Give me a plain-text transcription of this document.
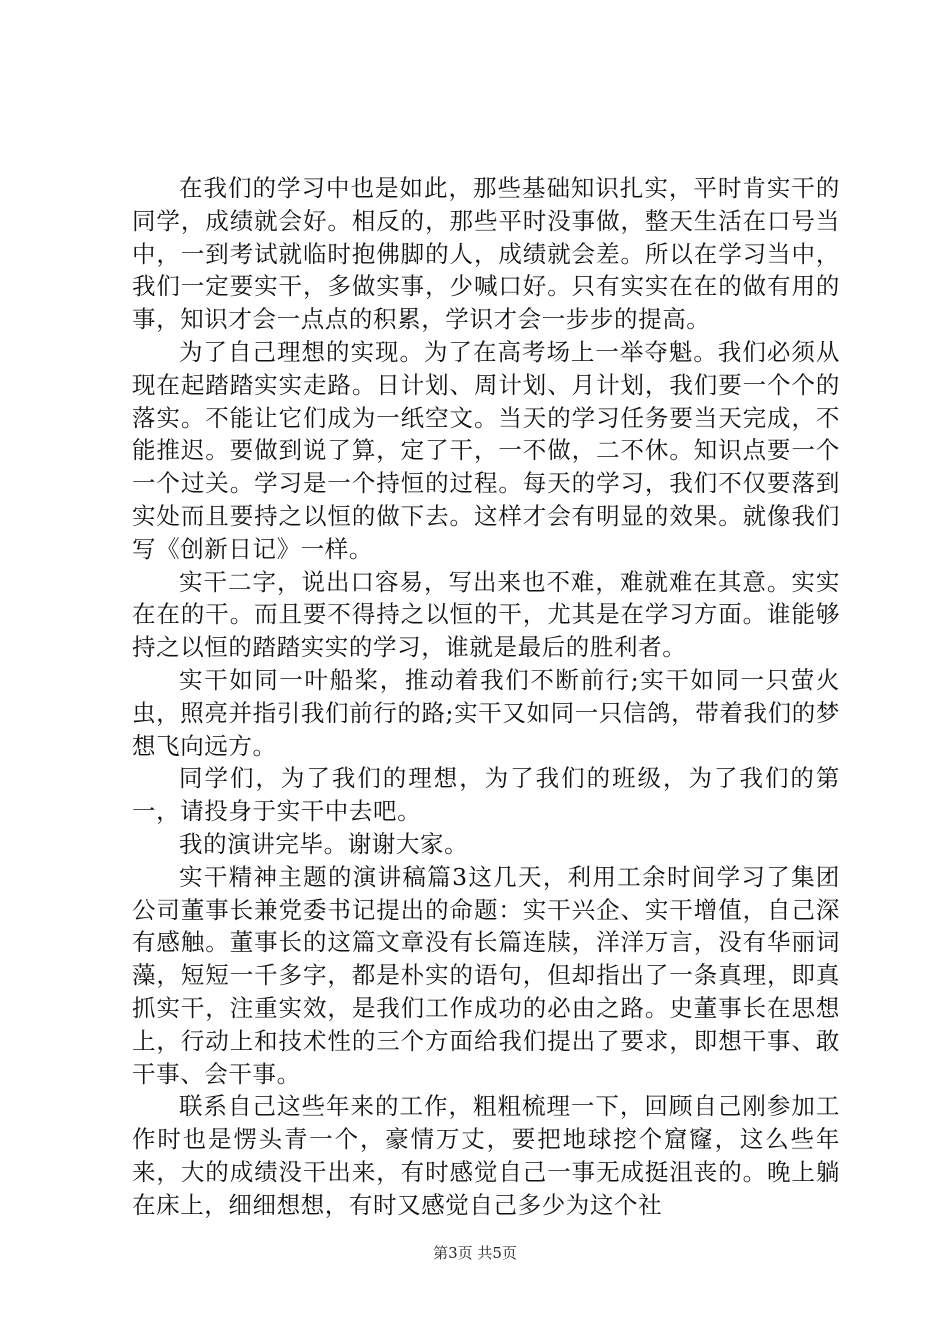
在我们的学习中也是如此，那些基础知识扎实，平时肯实干的同学，成绩就会好。相反的，那些平时没事做，整天生活在口号当中，一到考试就临时抱佛脚的人，成绩就会差。所以在学习当中，我们一定要实干，多做实事，少喊口好。只有实实在在的做有用的事，知识才会一点点的积累，学识才会一步步的提高。

为了自己理想的实现。为了在高考场上一举夺魁。我们必须从现在起踏踏实实走路。日计划、周计划、月计划，我们要一个个的落实。不能让它们成为一纸空文。当天的学习任务要当天完成，不能推迟。要做到说了算，定了干，一不做，二不休。知识点要一个一个过关。学习是一个持恒的过程。每天的学习，我们不仅要落到实处而且要持之以恒的做下去。这样才会有明显的效果。就像我们写《创新日记》一样。

实干二字，说出口容易，写出来也不难，难就难在其意。实实在在的干。而且要不得持之以恒的干，尤其是在学习方面。谁能够持之以恒的踏踏实实的学习，谁就是最后的胜利者。

实干如同一叶船桨，推动着我们不断前行;实干如同一只萤火虫，照亮并指引我们前行的路;实干又如同一只信鸽，带着我们的梦想飞向远方。

同学们，为了我们的理想，为了我们的班级，为了我们的第一，请投身于实干中去吧。

我的演讲完毕。谢谢大家。

实干精神主题的演讲稿篇3这几天，利用工余时间学习了集团公司董事长兼党委书记提出的命题：实干兴企、实干增值，自己深有感触。董事长的这篇文章没有长篇连牍，洋洋万言，没有华丽词藻，短短一千多字，都是朴实的语句，但却指出了一条真理，即真抓实干，注重实效，是我们工作成功的必由之路。史董事长在思想上，行动上和技术性的三个方面给我们提出了要求，即想干事、敢干事、会干事。

联系自己这些年来的工作，粗粗梳理一下，回顾自己刚参加工作时也是愣头青一个，豪情万丈，要把地球挖个窟窿，这么些年来，大的成绩没干出来，有时感觉自己一事无成挺沮丧的。晚上躺在床上，细细想想，有时又感觉自己多少为这个社

第3页 共5页
